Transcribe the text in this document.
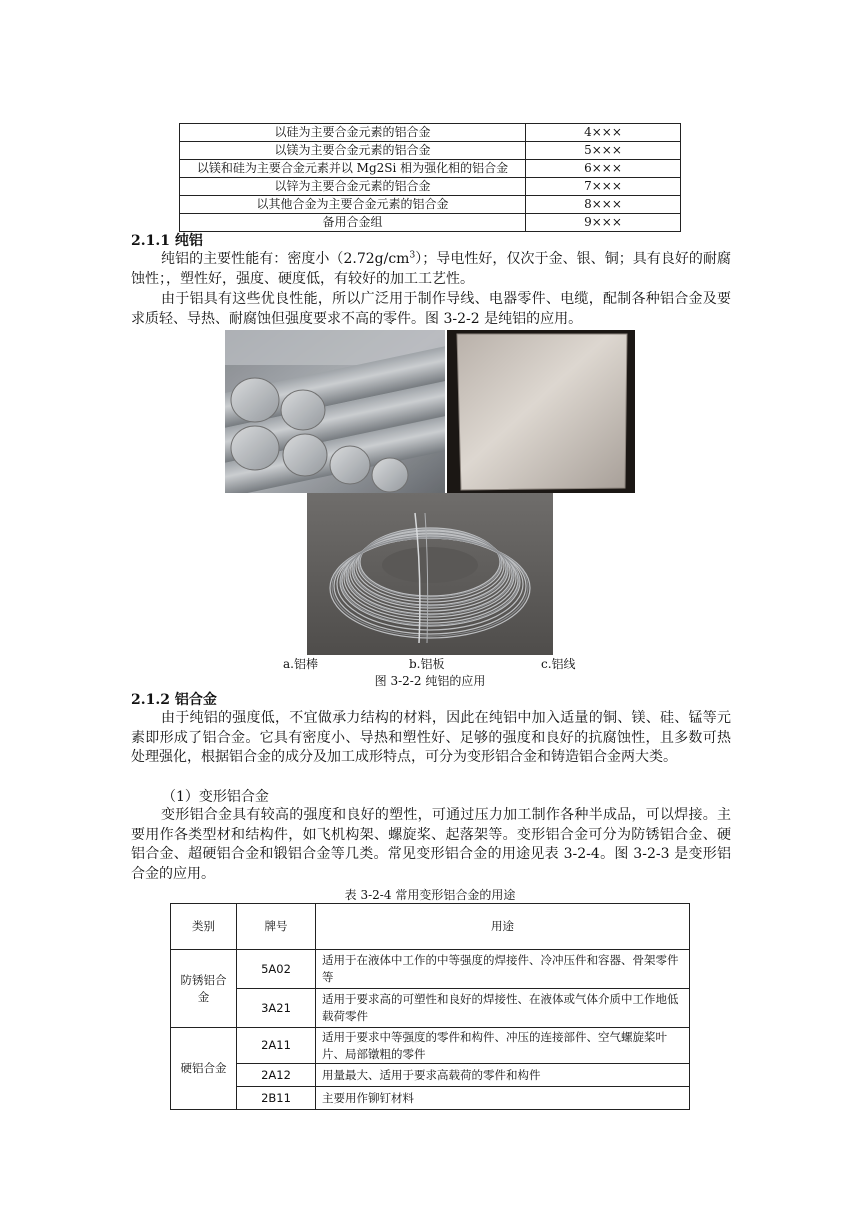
以硅为主要合金元素的铝合金	4×××
以镁为主要合金元素的铝合金	5×××
以镁和硅为主要合金元素并以 Mg2Si 相为强化相的铝合金	6×××
以锌为主要合金元素的铝合金	7×××
以其他合金为主要合金元素的铝合金	8×××
备用合金组	9×××
2.1.1 纯铝
纯铝的主要性能有：密度小$(2.72g/cm^3)$；导电性好，仅次于金、银、铜；具有良好的耐腐蚀性；，塑性好，强度、硬度低，有较好的加工工艺性。
由于铝具有这些优良性能，所以广泛用于制作导线、电器零件、电缆，配制各种铝合金及要求质轻、导热、耐腐蚀但强度要求不高的零件。图 3-2-2 是纯铝的应用。
a.铝棒	b.铝板	c.铝线
图 3-2-2 纯铝的应用
2.1.2 铝合金
由于纯铝的强度低，不宜做承力结构的材料，因此在纯铝中加入适量的铜、镁、硅、锰等元素即形成了铝合金。它具有密度小、导热和塑性好、足够的强度和良好的抗腐蚀性，且多数可热处理强化，根据铝合金的成分及加工成形特点，可分为变形铝合金和铸造铝合金两大类。
（1）变形铝合金
变形铝合金具有较高的强度和良好的塑性，可通过压力加工制作各种半成品，可以焊接。主要用作各类型材和结构件，如飞机构架、螺旋桨、起落架等。变形铝合金可分为防锈铝合金、硬铝合金、超硬铝合金和锻铝合金等几类。常见变形铝合金的用途见表 3-2-4。图 3-2-3 是变形铝合金的应用。
表 3-2-4 常用变形铝合金的用途
类别	牌号	用途
防锈铝合金	5A02	适用于在液体中工作的中等强度的焊接件、冷冲压件和容器、骨架零件等
	3A21	适用于要求高的可塑性和良好的焊接性、在液体或气体介质中工作地低载荷零件
硬铝合金	2A11	适用于要求中等强度的零件和构件、冲压的连接部件、空气螺旋桨叶片、局部镦粗的零件
	2A12	用量最大、适用于要求高载荷的零件和构件
	2B11	主要用作铆钉材料
